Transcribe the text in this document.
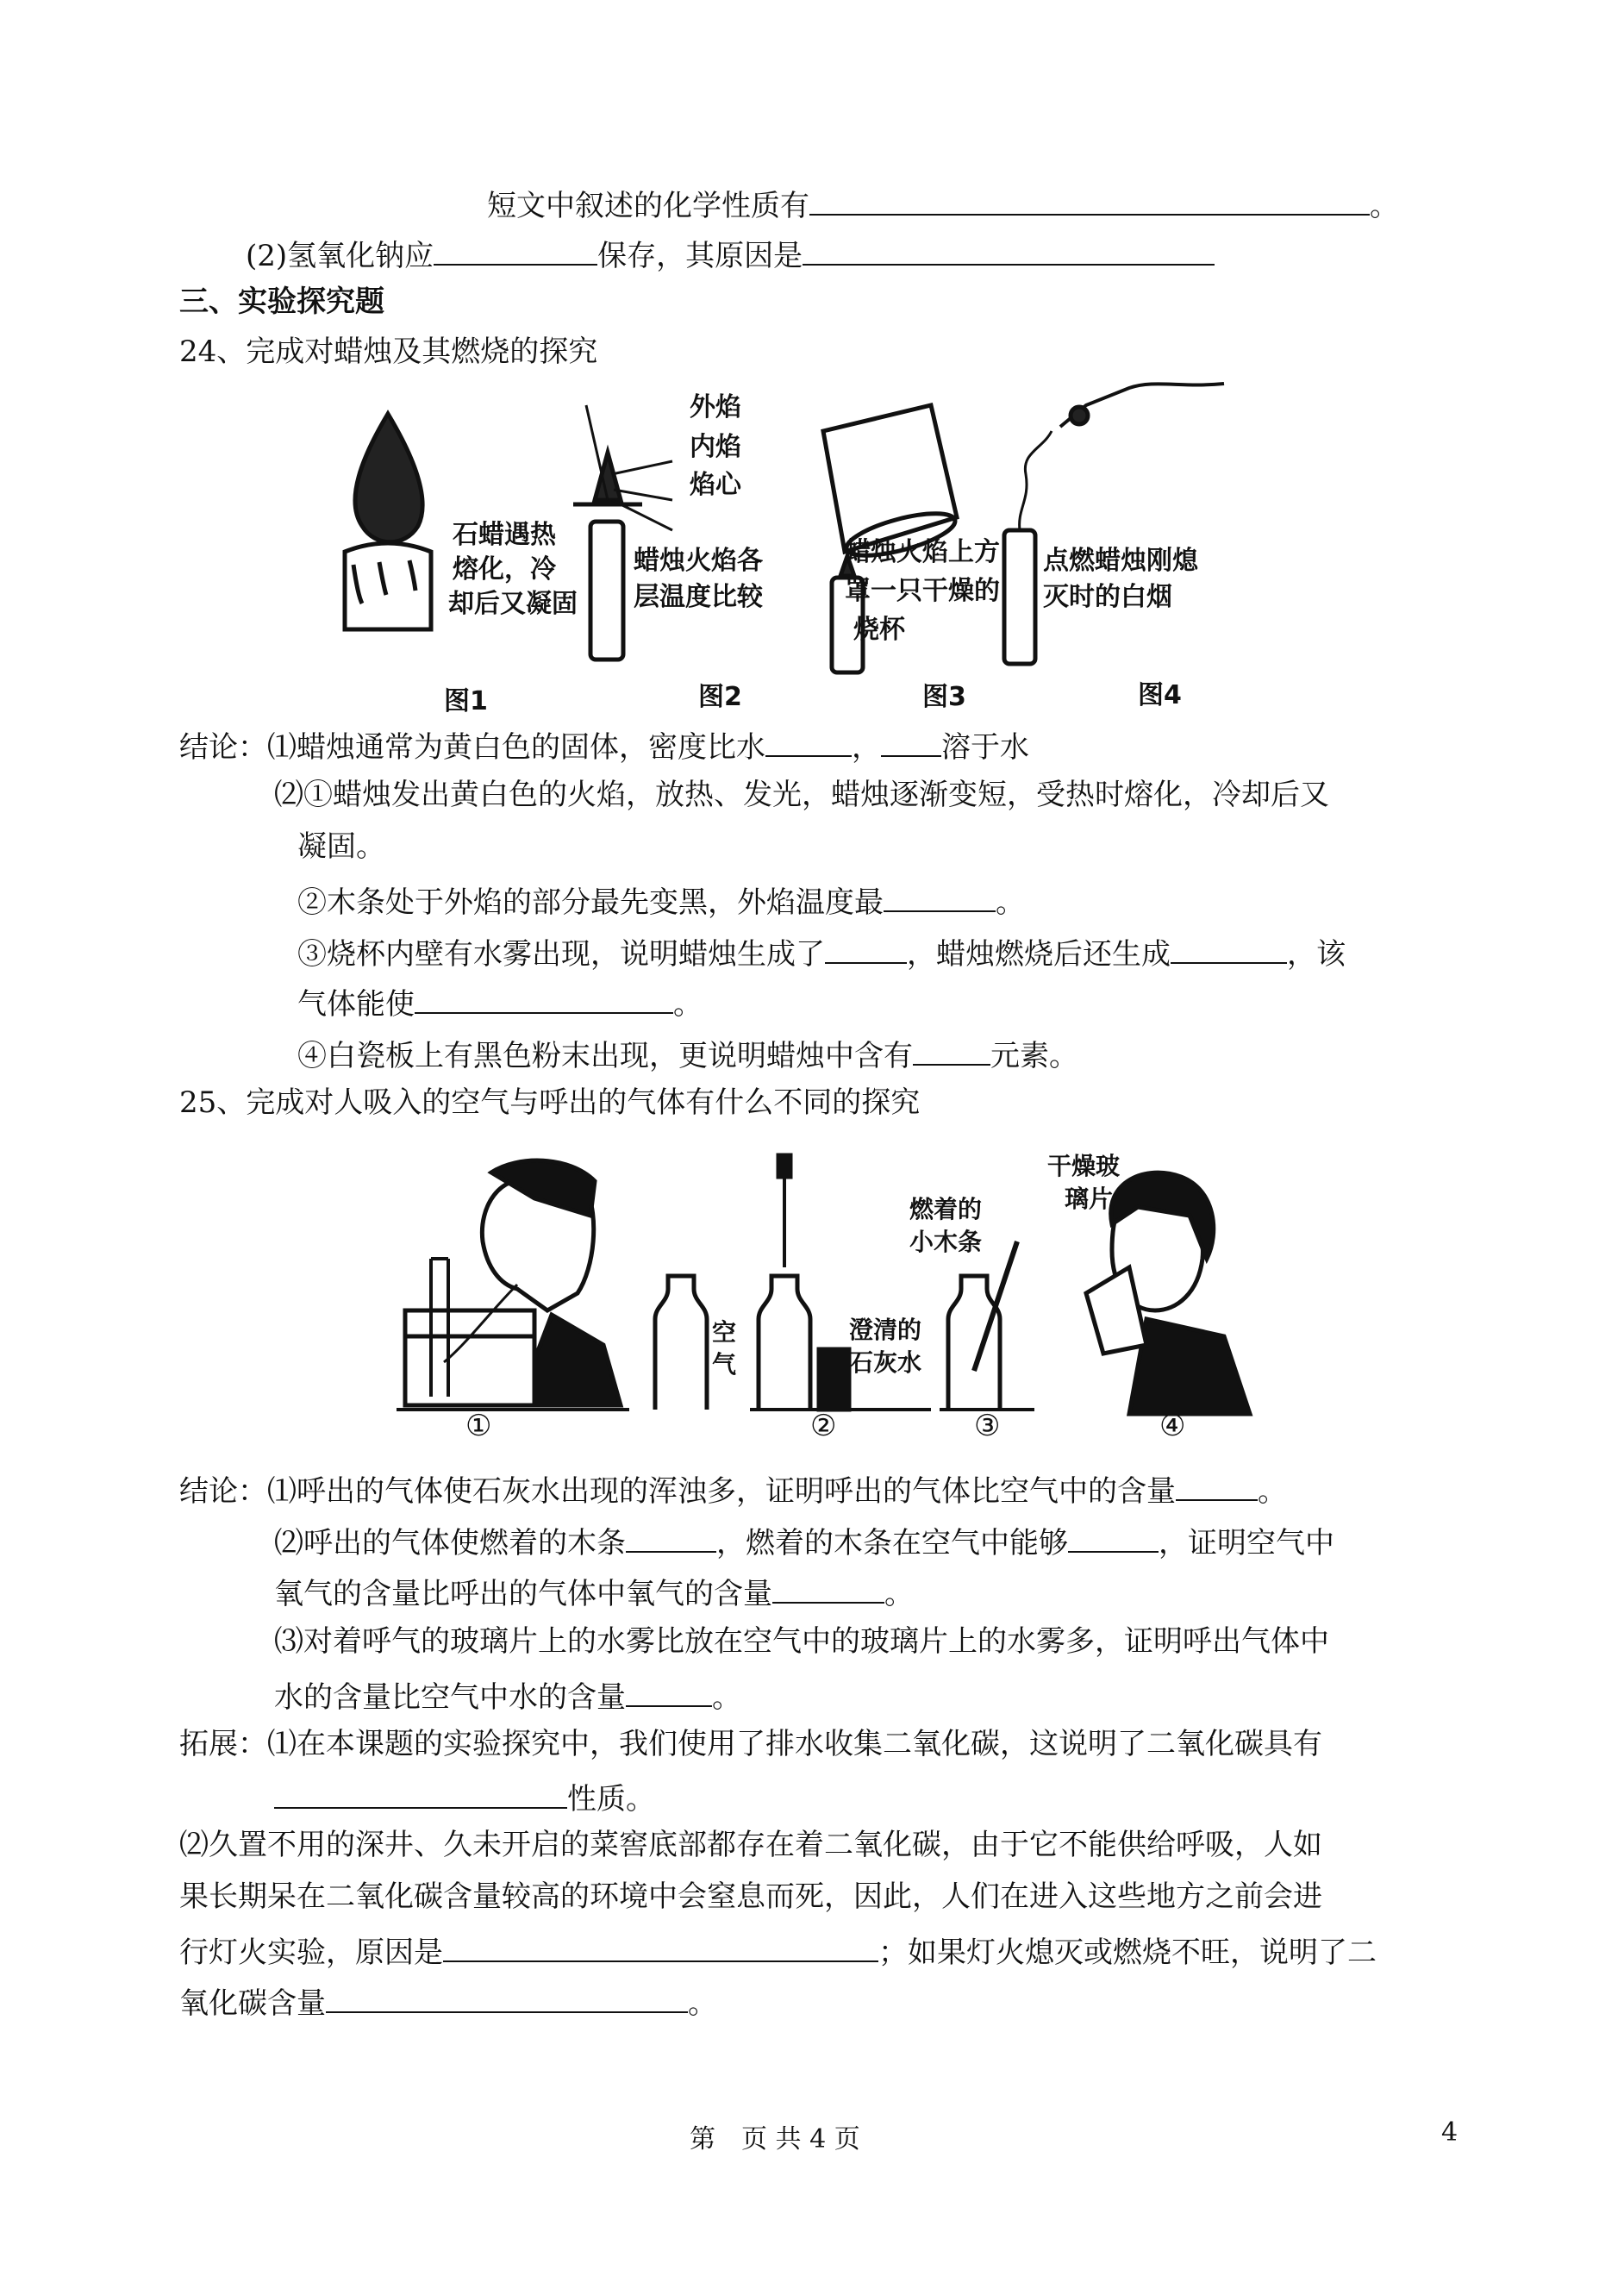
短文中叙述的化学性质有	。
(2)氢氧化钠应	保存，其原因是
三、实验探究题
24、完成对蜡烛及其燃烧的探究
外焰
内焰
焰心
石蜡遇热
熔化，冷
却后又凝固
蜡烛火焰各
层温度比较
蜡烛火焰上方
罩一只干燥的
烧杯
点燃蜡烛刚熄
灭时的白烟
图1	图2	图3	图4
结论：⑴蜡烛通常为黄白色的固体，密度比水	， 溶于水
⑵①蜡烛发出黄白色的火焰，放热、发光，蜡烛逐渐变短，受热时熔化，冷却后又
凝固。
②木条处于外焰的部分最先变黑，外焰温度最	。
③烧杯内壁有水雾出现，说明蜡烛生成了	，蜡烛燃烧后还生成	，该
气体能使	。
④白瓷板上有黑色粉末出现，更说明蜡烛中含有	元素。
25、完成对人吸入的空气与呼出的气体有什么不同的探究
空
气
澄清的
石灰水
燃着的
小木条
干燥玻
璃片
①	②	③	④
结论：⑴呼出的气体使石灰水出现的浑浊多，证明呼出的气体比空气中的含量	。
⑵呼出的气体使燃着的木条	，燃着的木条在空气中能够	，证明空气中
氧气的含量比呼出的气体中氧气的含量	。
⑶对着呼气的玻璃片上的水雾比放在空气中的玻璃片上的水雾多，证明呼出气体中
水的含量比空气中水的含量	。
拓展：⑴在本课题的实验探究中，我们使用了排水收集二氧化碳，这说明了二氧化碳具有
性质。
⑵久置不用的深井、久未开启的菜窖底部都存在着二氧化碳，由于它不能供给呼吸，人如
果长期呆在二氧化碳含量较高的环境中会窒息而死，因此，人们在进入这些地方之前会进
行灯火实验，原因是	；如果灯火熄灭或燃烧不旺，说明了二
氧化碳含量	。
第　页 共 4 页	4
